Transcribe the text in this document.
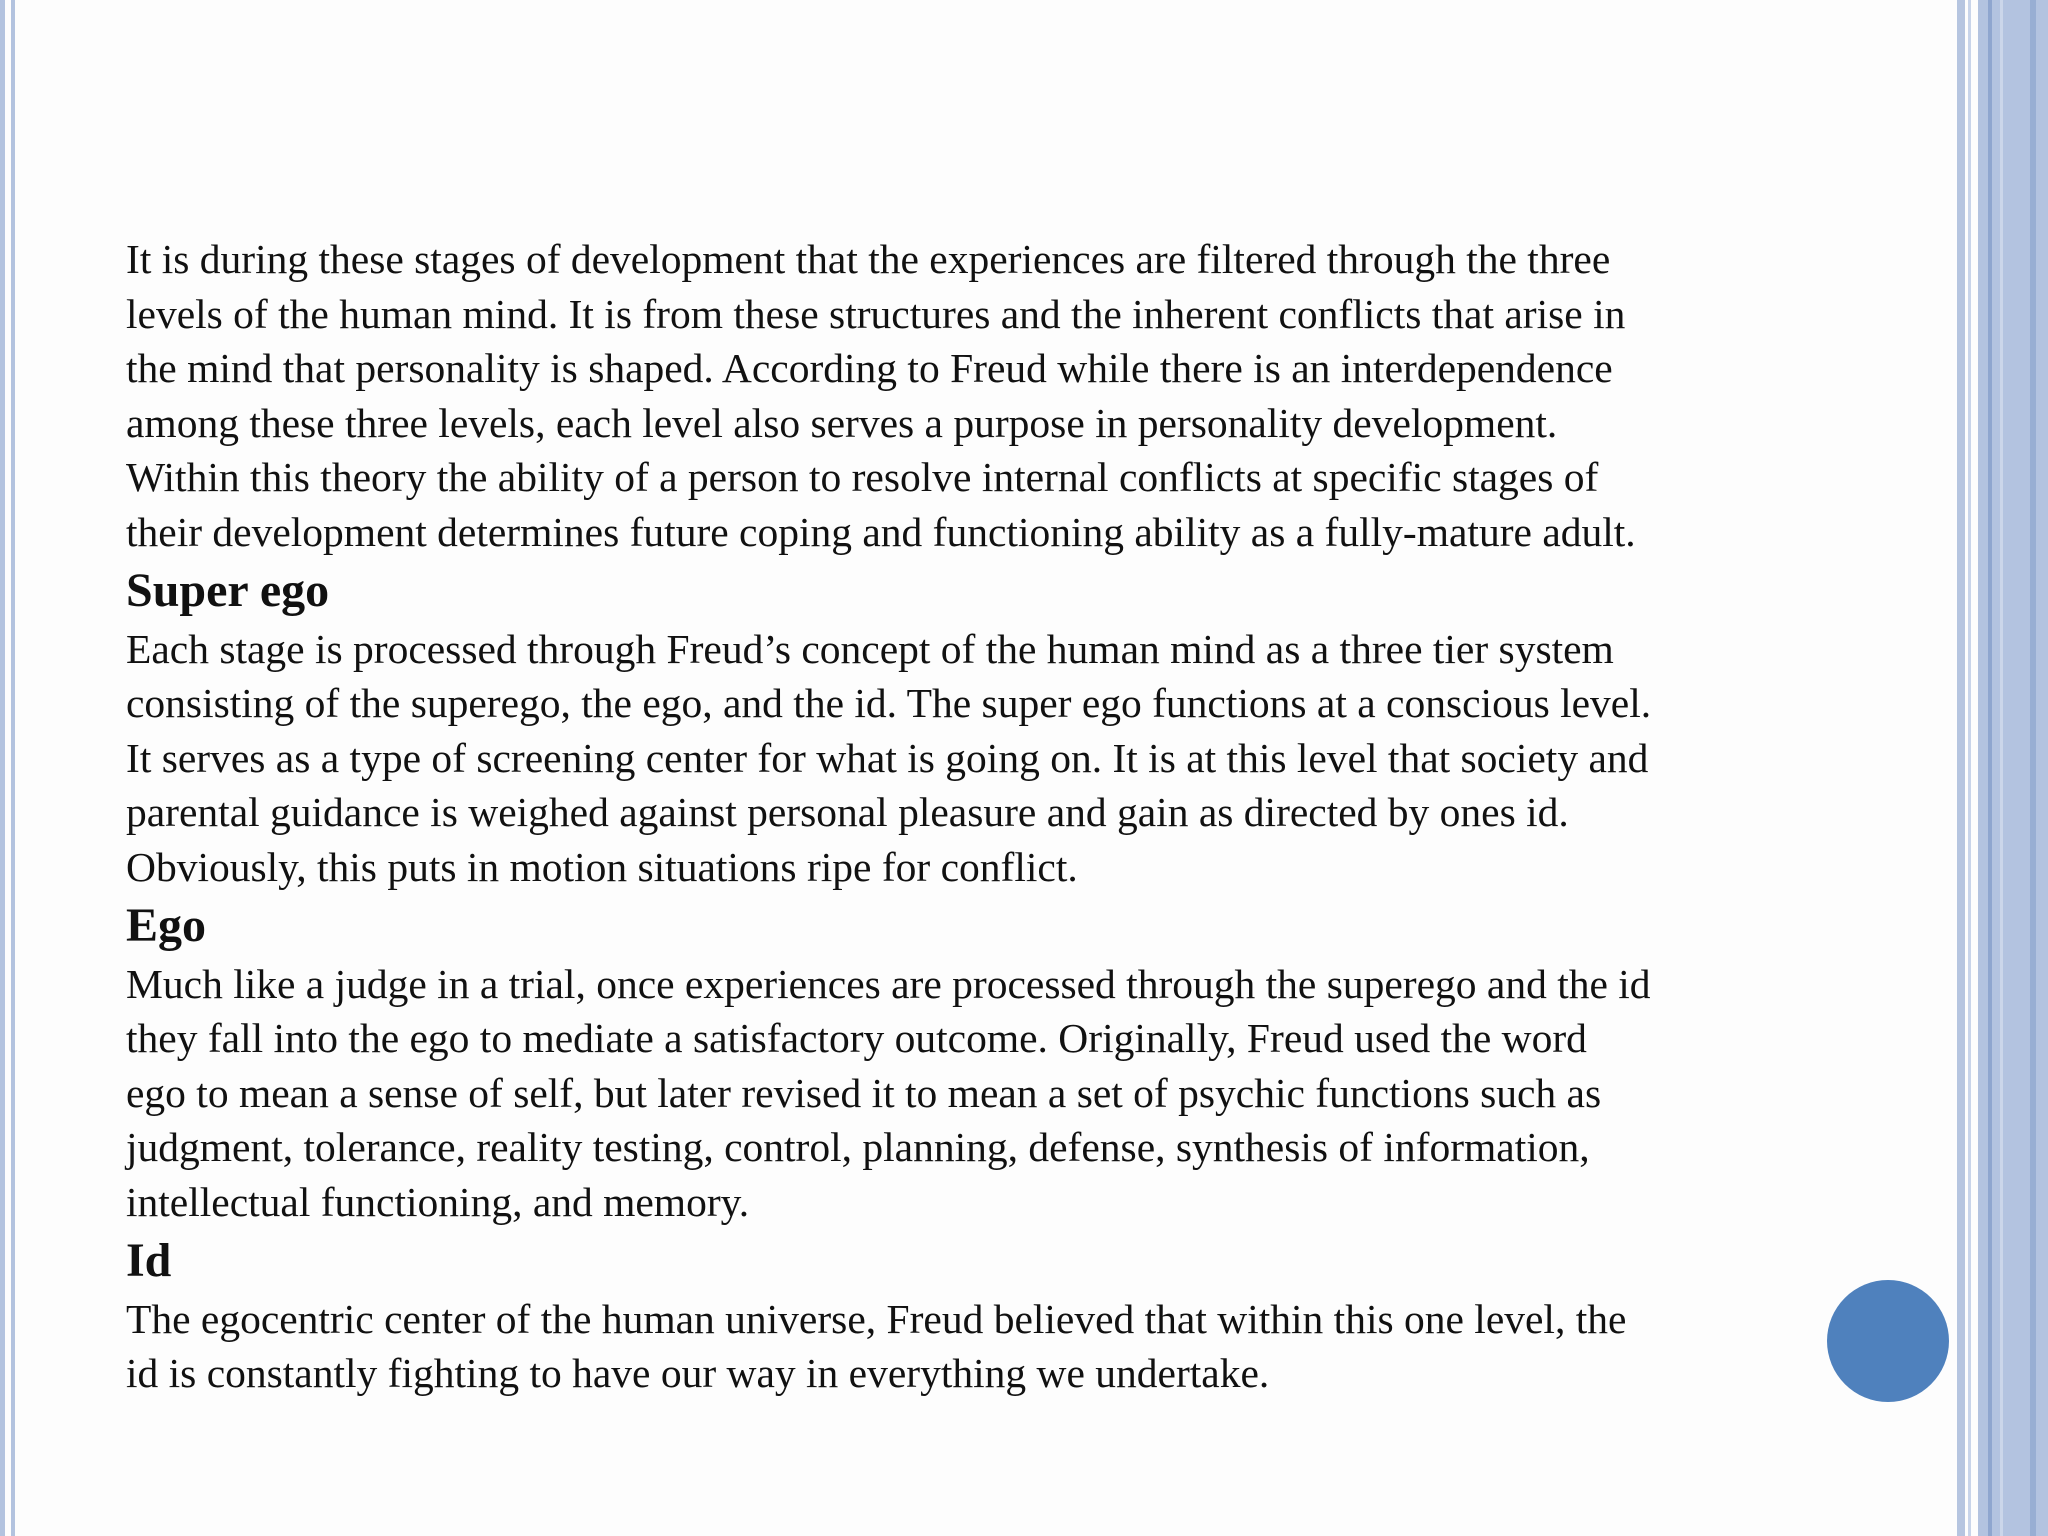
It is during these stages of development that the experiences are filtered through the three
levels of the human mind. It is from these structures and the inherent conflicts that arise in
the mind that personality is shaped. According to Freud while there is an interdependence
among these three levels, each level also serves a purpose in personality development.
Within this theory the ability of a person to resolve internal conflicts at specific stages of
their development determines future coping and functioning ability as a fully-mature adult.

Super ego

Each stage is processed through Freud’s concept of the human mind as a three tier system
consisting of the superego, the ego, and the id. The super ego functions at a conscious level.
It serves as a type of screening center for what is going on. It is at this level that society and
parental guidance is weighed against personal pleasure and gain as directed by ones id.
Obviously, this puts in motion situations ripe for conflict.

Ego

Much like a judge in a trial, once experiences are processed through the superego and the id
they fall into the ego to mediate a satisfactory outcome. Originally, Freud used the word
ego to mean a sense of self, but later revised it to mean a set of psychic functions such as
judgment, tolerance, reality testing, control, planning, defense, synthesis of information,
intellectual functioning, and memory.

Id

The egocentric center of the human universe, Freud believed that within this one level, the
id is constantly fighting to have our way in everything we undertake.
